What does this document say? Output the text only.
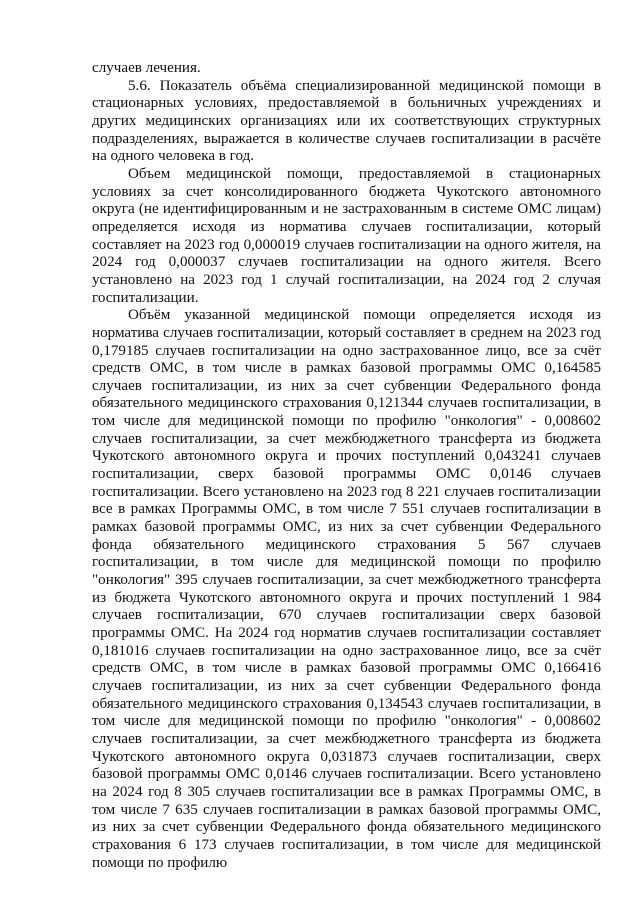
случаев лечения.

5.6. Показатель объёма специализированной медицинской помощи в стационарных условиях, предоставляемой в больничных учреждениях и других медицинских организациях или их соответствующих структурных подразделениях, выражается в количестве случаев госпитализации в расчёте на одного человека в год.

Объем медицинской помощи, предоставляемой в стационарных условиях за счет консолидированного бюджета Чукотского автономного округа (не идентифицированным и не застрахованным в системе ОМС лицам) определяется исходя из норматива случаев госпитализации, который составляет на 2023 год 0,000019 случаев госпитализации на одного жителя, на 2024 год 0,000037 случаев госпитализации на одного жителя. Всего установлено на 2023 год 1 случай госпитализации, на 2024 год 2 случая госпитализации.

Объём указанной медицинской помощи определяется исходя из норматива случаев госпитализации, который составляет в среднем на 2023 год 0,179185 случаев госпитализации на одно застрахованное лицо, все за счёт средств ОМС, в том числе в рамках базовой программы ОМС 0,164585 случаев госпитализации, из них за счет субвенции Федерального фонда обязательного медицинского страхования 0,121344 случаев госпитализации, в том числе для медицинской помощи по профилю "онкология" - 0,008602 случаев госпитализации, за счет межбюджетного трансферта из бюджета Чукотского автономного округа и прочих поступлений 0,043241 случаев госпитализации, сверх базовой программы ОМС 0,0146 случаев госпитализации. Всего установлено на 2023 год 8 221 случаев госпитализации все в рамках Программы ОМС, в том числе 7 551 случаев госпитализации в рамках базовой программы ОМС, из них за счет субвенции Федерального фонда обязательного медицинского страхования 5 567 случаев госпитализации, в том числе для медицинской помощи по профилю "онкология" 395 случаев госпитализации, за счет межбюджетного трансферта из бюджета Чукотского автономного округа и прочих поступлений 1 984 случаев госпитализации, 670 случаев госпитализации сверх базовой программы ОМС. На 2024 год норматив случаев госпитализации составляет 0,181016 случаев госпитализации на одно застрахованное лицо, все за счёт средств ОМС, в том числе в рамках базовой программы ОМС 0,166416 случаев госпитализации, из них за счет субвенции Федерального фонда обязательного медицинского страхования 0,134543 случаев госпитализации, в том числе для медицинской помощи по профилю "онкология" - 0,008602 случаев госпитализации, за счет межбюджетного трансферта из бюджета Чукотского автономного округа 0,031873 случаев госпитализации, сверх базовой программы ОМС 0,0146 случаев госпитализации. Всего установлено на 2024 год 8 305 случаев госпитализации все в рамках Программы ОМС, в том числе 7 635 случаев госпитализации в рамках базовой программы ОМС, из них за счет субвенции Федерального фонда обязательного медицинского страхования 6 173 случаев госпитализации, в том числе для медицинской помощи по профилю
